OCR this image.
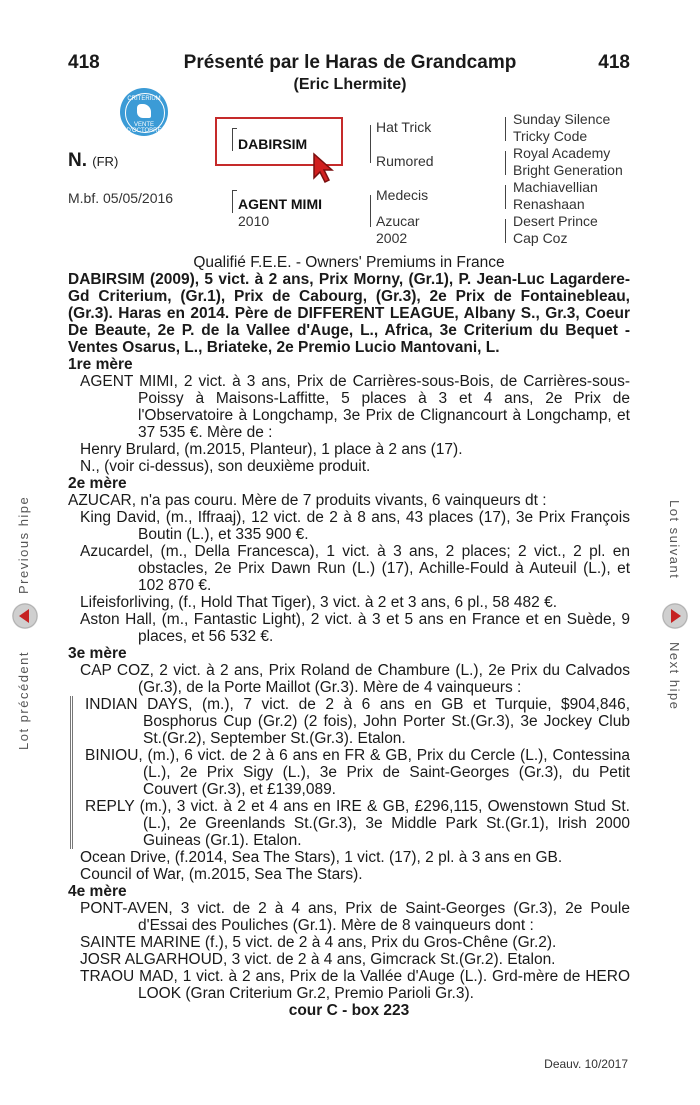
418	Présenté par le Haras de Grandcamp
(Eric Lhermite)
418
CRITERIUM
VENTE D'OCTOBRE
N. (FR)
M.bf. 05/05/2016
DABIRSIM
AGENT MIMI
2010
Hat Trick
Rumored
Medecis
Azucar
2002
Sunday Silence
Tricky Code
Royal Academy
Bright Generation
Machiavellian
Renashaan
Desert Prince
Cap Coz

Qualifié F.E.E. - Owners' Premiums in France

DABIRSIM (2009), 5 vict. à 2 ans, Prix Morny, (Gr.1), P. Jean-Luc Lagardere-Gd Criterium, (Gr.1), Prix de Cabourg, (Gr.3), 2e Prix de Fontainebleau, (Gr.3). Haras en 2014. Père de DIFFERENT LEAGUE, Albany S., Gr.3, Coeur De Beaute, 2e P. de la Vallee d'Auge, L., Africa, 3e Criterium du Bequet - Ventes Osarus, L., Briateke, 2e Premio Lucio Mantovani, L.

1re mère

AGENT MIMI, 2 vict. à 3 ans, Prix de Carrières-sous-Bois, de Carrières-sous-Poissy à Maisons-Laffitte, 5 places à 3 et 4 ans, 2e Prix de l'Observatoire à Longchamp, 3e Prix de Clignancourt à Longchamp, et 37 535 €. Mère de :

Henry Brulard, (m.2015, Planteur), 1 place à 2 ans (17).

N., (voir ci-dessus), son deuxième produit.

2e mère

AZUCAR, n'a pas couru. Mère de 7 produits vivants, 6 vainqueurs dt :

King David, (m., Iffraaj), 12 vict. de 2 à 8 ans, 43 places (17), 3e Prix François Boutin (L.), et 335 900 €.

Azucardel, (m., Della Francesca), 1 vict. à 3 ans, 2 places; 2 vict., 2 pl. en obstacles, 2e Prix Dawn Run (L.) (17), Achille-Fould à Auteuil (L.), et 102 870 €.

Lifeisforliving, (f., Hold That Tiger), 3 vict. à 2 et 3 ans, 6 pl., 58 482 €.

Aston Hall, (m., Fantastic Light), 2 vict. à 3 et 5 ans en France et en Suède, 9 places, et 56 532 €.

3e mère

CAP COZ, 2 vict. à 2 ans, Prix Roland de Chambure (L.), 2e Prix du Calvados (Gr.3), de la Porte Maillot (Gr.3). Mère de 4 vainqueurs :

INDIAN DAYS, (m.), 7 vict. de 2 à 6 ans en GB et Turquie, $904,846, Bosphorus Cup (Gr.2) (2 fois), John Porter St.(Gr.3), 3e Jockey Club St.(Gr.2), September St.(Gr.3). Etalon.

BINIOU, (m.), 6 vict. de 2 à 6 ans en FR & GB, Prix du Cercle (L.), Contessina (L.), 2e Prix Sigy (L.), 3e Prix de Saint-Georges (Gr.3), du Petit Couvert (Gr.3), et £139,089.

REPLY (m.), 3 vict. à 2 et 4 ans en IRE & GB, £296,115, Owenstown Stud St.(L.), 2e Greenlands St.(Gr.3), 3e Middle Park St.(Gr.1), Irish 2000 Guineas (Gr.1). Etalon.

Ocean Drive, (f.2014, Sea The Stars), 1 vict. (17), 2 pl. à 3 ans en GB.

Council of War, (m.2015, Sea The Stars).

4e mère

PONT-AVEN, 3 vict. de 2 à 4 ans, Prix de Saint-Georges (Gr.3), 2e Poule d'Essai des Pouliches (Gr.1). Mère de 8 vainqueurs dont :

SAINTE MARINE (f.), 5 vict. de 2 à 4 ans, Prix du Gros-Chêne (Gr.2).

JOSR ALGARHOUD, 3 vict. de 2 à 4 ans, Gimcrack St.(Gr.2). Etalon.

TRAOU MAD, 1 vict. à 2 ans, Prix de la Vallée d'Auge (L.). Grd-mère de HERO LOOK (Gran Criterium Gr.2, Premio Parioli Gr.3).

cour C - box 223

Lot précédent
Previous hipe	Lot suivant
Next hipe
Deauv. 10/2017
